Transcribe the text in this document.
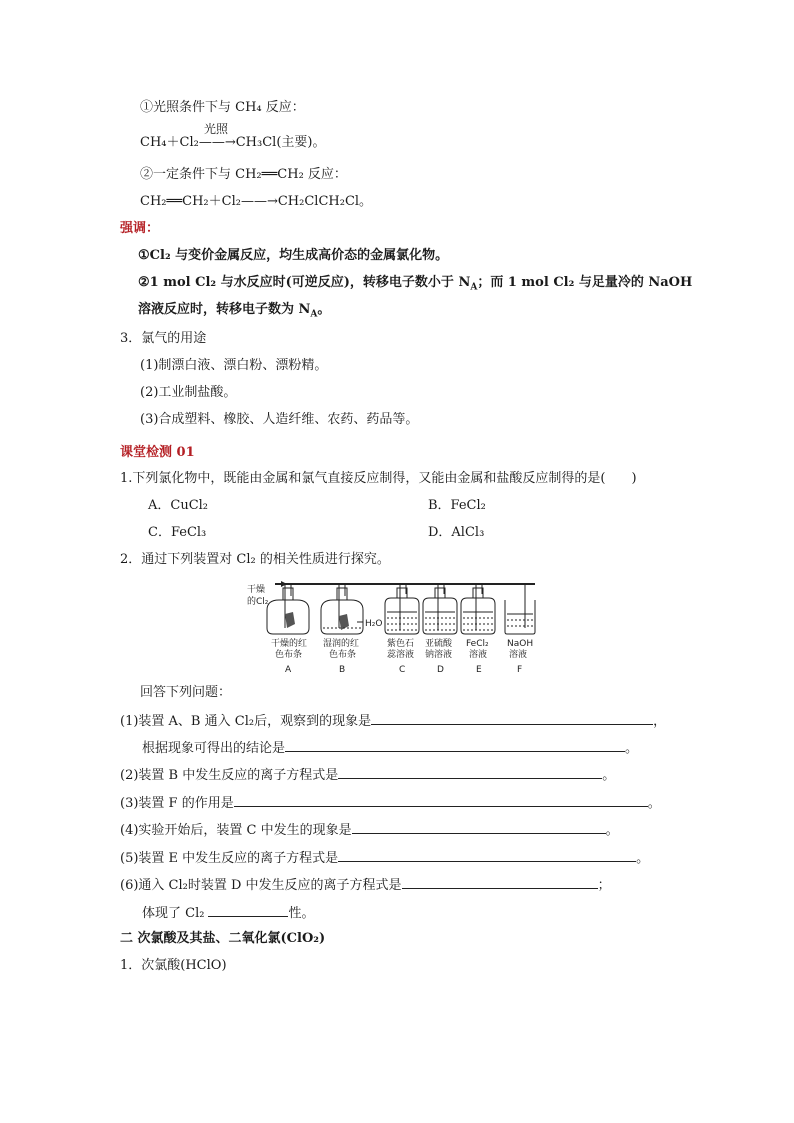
①光照条件下与 CH₄ 反应：
光照
CH₄＋Cl₂——→CH₃Cl(主要)。
②一定条件下与 CH₂══CH₂ 反应：
CH₂══CH₂＋Cl₂——→CH₂ClCH₂Cl。
强调：
①Cl₂ 与变价金属反应，均生成高价态的金属氯化物。
②1 mol Cl₂ 与水反应时(可逆反应)，转移电子数小于 $N_A$；而 1 mol Cl₂ 与足量冷的 NaOH
溶液反应时，转移电子数为 $N_A$。
3．氯气的用途
(1)制漂白液、漂白粉、漂粉精。
(2)工业制盐酸。
(3)合成塑料、橡胶、人造纤维、农药、药品等。
课堂检测 01
1.下列氯化物中，既能由金属和氯气直接反应制得，又能由金属和盐酸反应制得的是(　　)
A．CuCl₂	B．FeCl₂
C．FeCl₃	D．AlCl₃
2．通过下列装置对 Cl₂ 的相关性质进行探究。
干燥
的Cl₂
H₂O
干燥的红
色布条
A
湿润的红
色布条
B
紫色石
蕊溶液
C
亚硫酸
钠溶液
D
FeCl₂
溶液
E
NaOH
溶液
F
回答下列问题：
(1)装置 A、B 通入 Cl₂后，观察到的现象是	，
根据现象可得出的结论是	。
(2)装置 B 中发生反应的离子方程式是	。
(3)装置 F 的作用是	。
(4)实验开始后，装置 C 中发生的现象是	。
(5)装置 E 中发生反应的离子方程式是	。
(6)通入 Cl₂时装置 D 中发生反应的离子方程式是	；
体现了 Cl₂	性。
二 次氯酸及其盐、二氧化氯(ClO₂)
1．次氯酸(HClO)
